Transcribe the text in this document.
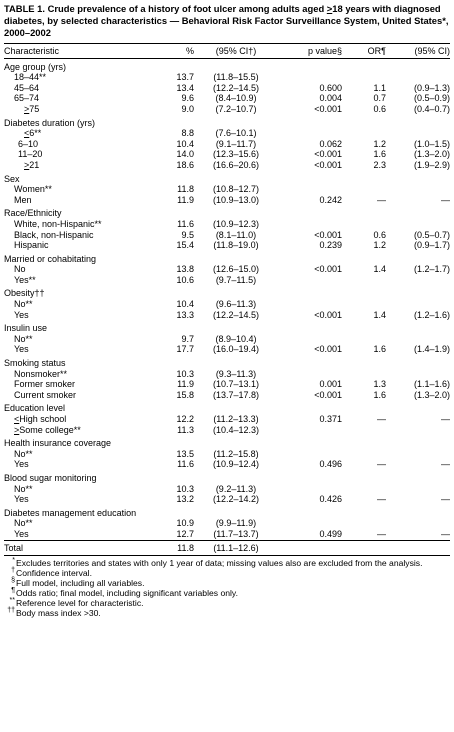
TABLE 1. Crude prevalence of a history of foot ulcer among adults aged >18 years with diagnosed diabetes, by selected characteristics — Behavioral Risk Factor Surveillance System, United States*, 2000–2002
Characteristic	%	(95% CI†)	p value§	OR¶	(95% CI)
Age group (yrs)					
18–44**	13.7	(11.8–15.5)			
45–64	13.4	(12.2–14.5)	0.600	1.1	(0.9–1.3)
65–74	9.6	(8.4–10.9)	0.004	0.7	(0.5–0.9)
>75	9.0	(7.2–10.7)	<0.001	0.6	(0.4–0.7)
Diabetes duration (yrs)					
<6**	8.8	(7.6–10.1)			
6–10	10.4	(9.1–11.7)	0.062	1.2	(1.0–1.5)
11–20	14.0	(12.3–15.6)	<0.001	1.6	(1.3–2.0)
>21	18.6	(16.6–20.6)	<0.001	2.3	(1.9–2.9)
Sex					
Women**	11.8	(10.8–12.7)			
Men	11.9	(10.9–13.0)	0.242	—	—
Race/Ethnicity					
White, non-Hispanic**	11.6	(10.9–12.3)			
Black, non-Hispanic	9.5	(8.1–11.0)	<0.001	0.6	(0.5–0.7)
Hispanic	15.4	(11.8–19.0)	0.239	1.2	(0.9–1.7)
Married or cohabitating					
No	13.8	(12.6–15.0)	<0.001	1.4	(1.2–1.7)
Yes**	10.6	(9.7–11.5)			
Obesity††					
No**	10.4	(9.6–11.3)			
Yes	13.3	(12.2–14.5)	<0.001	1.4	(1.2–1.6)
Insulin use					
No**	9.7	(8.9–10.4)			
Yes	17.7	(16.0–19.4)	<0.001	1.6	(1.4–1.9)
Smoking status					
Nonsmoker**	10.3	(9.3–11.3)			
Former smoker	11.9	(10.7–13.1)	0.001	1.3	(1.1–1.6)
Current smoker	15.8	(13.7–17.8)	<0.001	1.6	(1.3–2.0)
Education level					
<High school	12.2	(11.2–13.3)	0.371	—	—
>Some college**	11.3	(10.4–12.3)			
Health insurance coverage					
No**	13.5	(11.2–15.8)			
Yes	11.6	(10.9–12.4)	0.496	—	—
Blood sugar monitoring					
No**	10.3	(9.2–11.3)			
Yes	13.2	(12.2–14.2)	0.426	—	—
Diabetes management education					
No**	10.9	(9.9–11.9)			
Yes	12.7	(11.7–13.7)	0.499	—	—
Total	11.8	(11.1–12.6)			
* Excludes territories and states with only 1 year of data; missing values also are excluded from the analysis.
† Confidence interval.
§ Full model, including all variables.
¶ Odds ratio; final model, including significant variables only.
** Reference level for characteristic.
†† Body mass index >30.
